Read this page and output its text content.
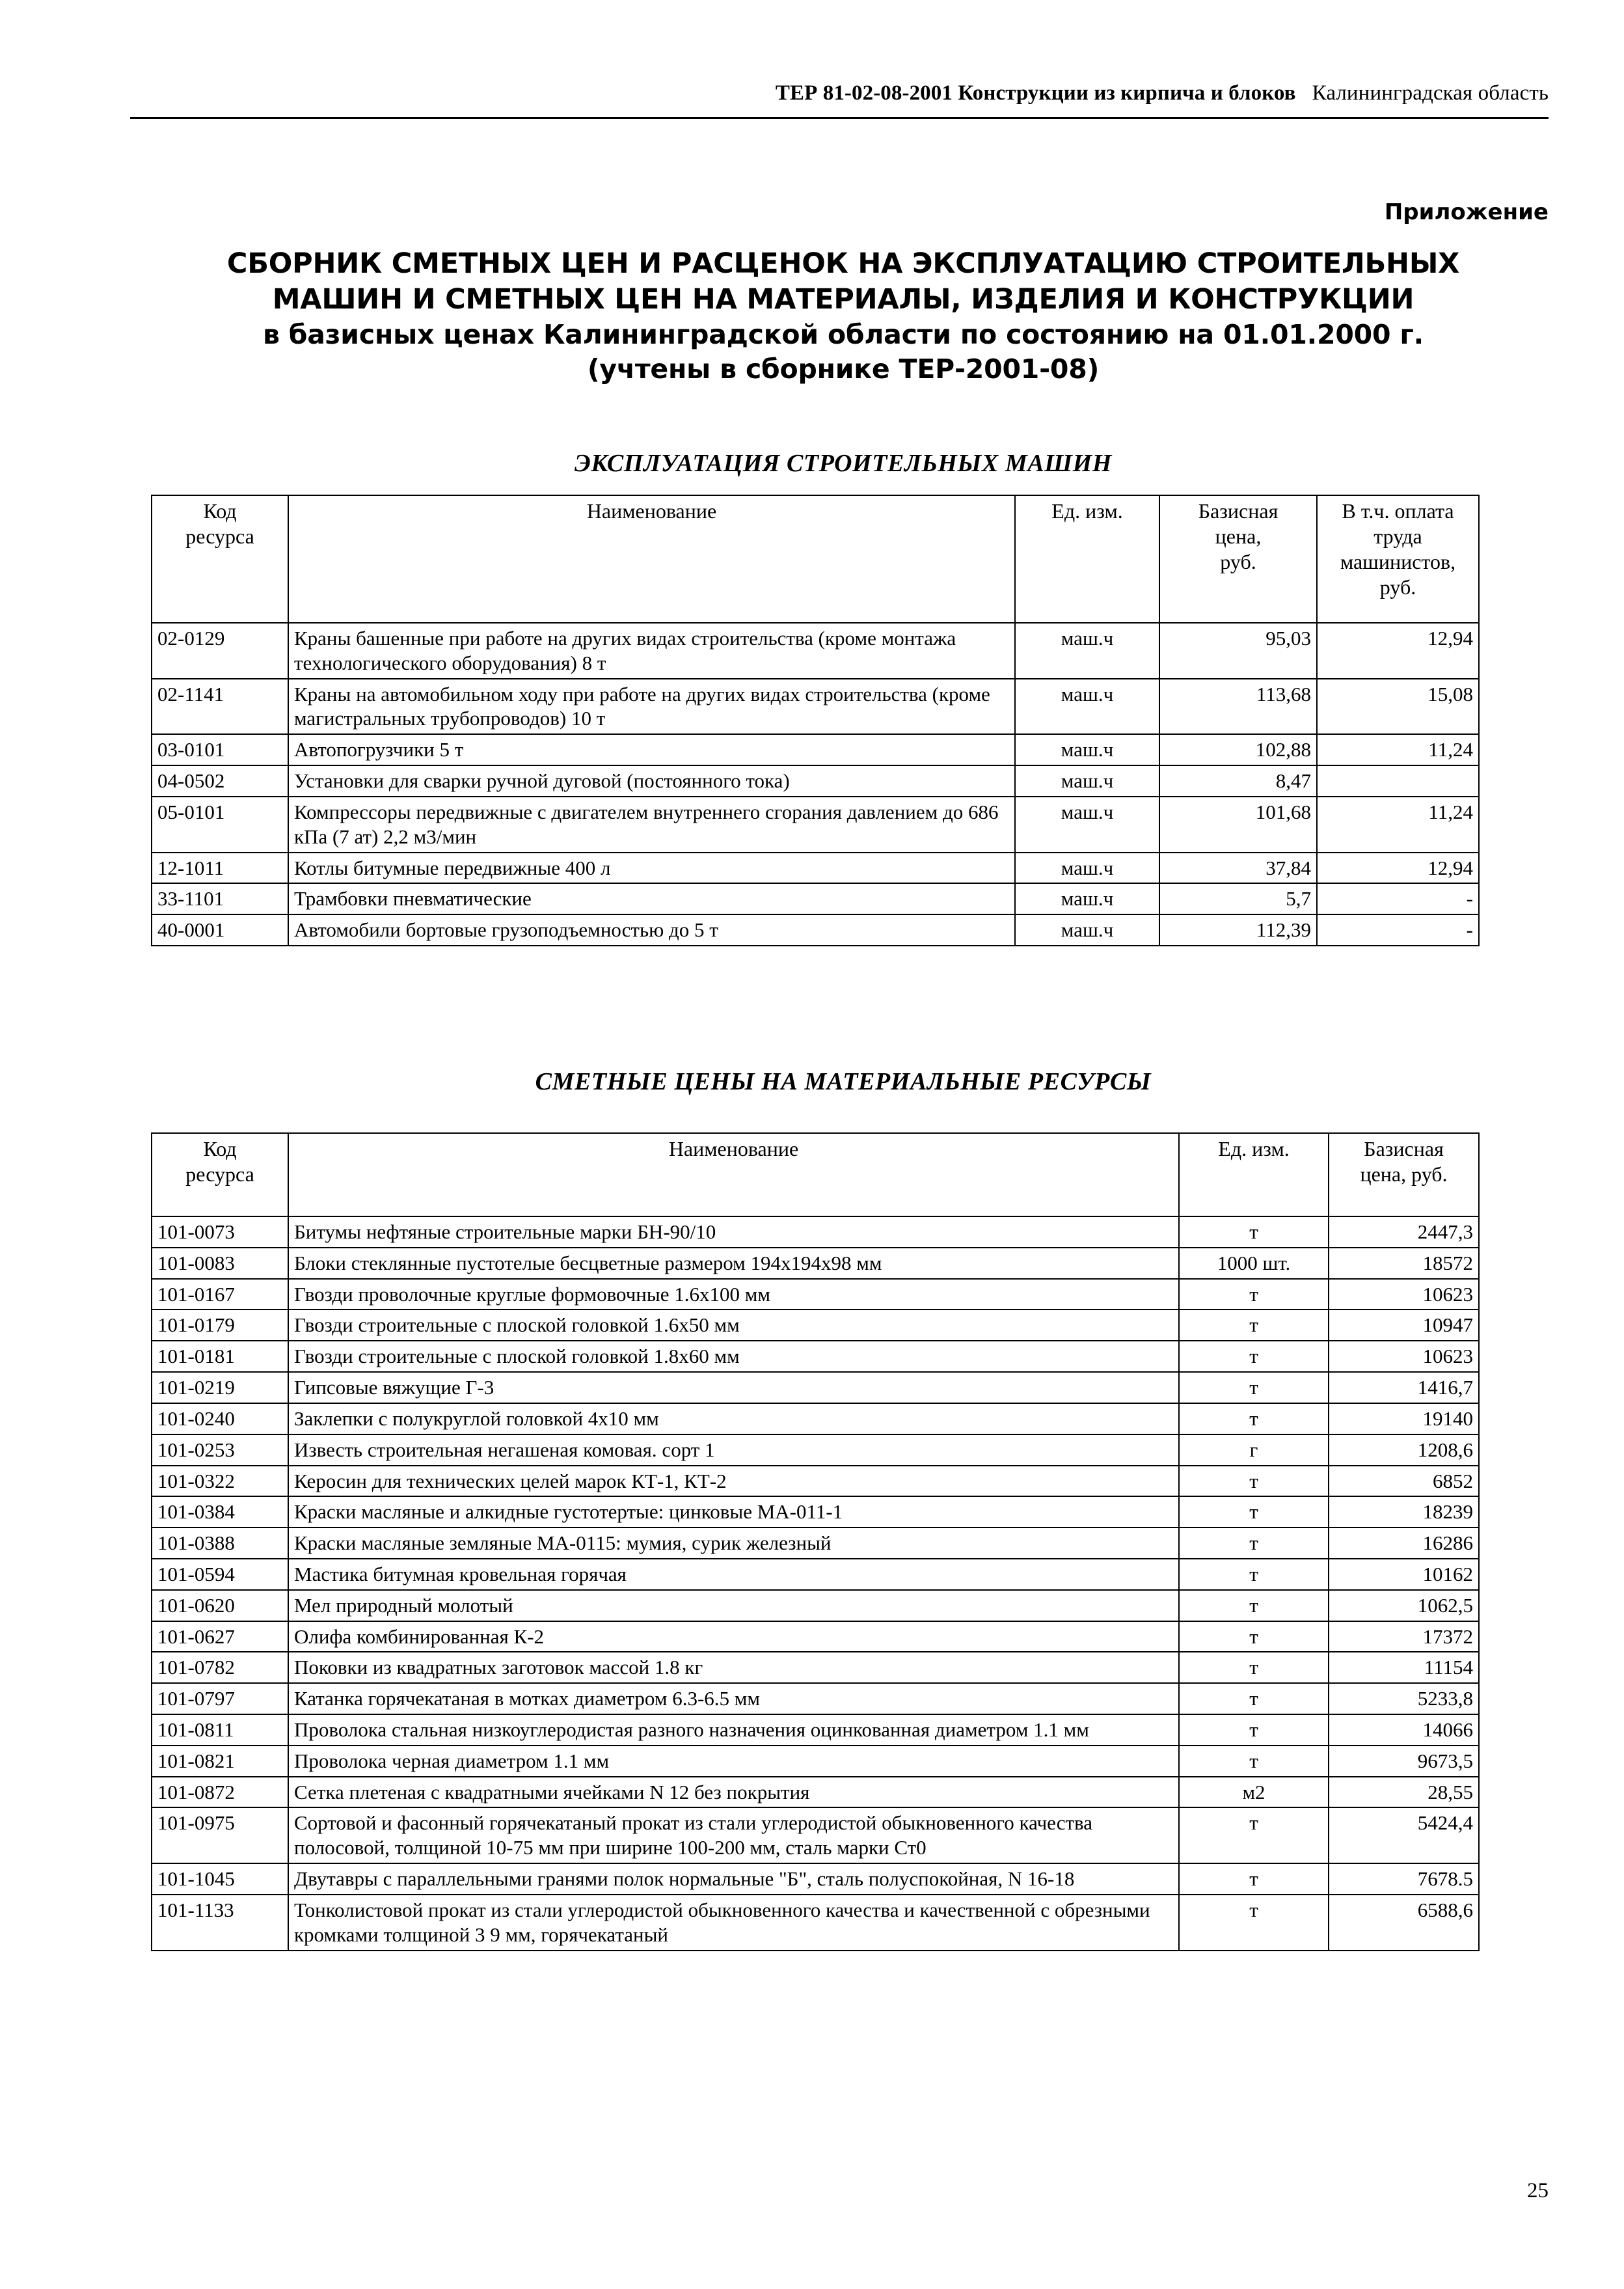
ТЕР 81-02-08-2001 Конструкции из кирпича и блоков Калининградская область
Приложение
СБОРНИК СМЕТНЫХ ЦЕН И РАСЦЕНОК НА ЭКСПЛУАТАЦИЮ СТРОИТЕЛЬНЫХ
МАШИН И СМЕТНЫХ ЦЕН НА МАТЕРИАЛЫ, ИЗДЕЛИЯ И КОНСТРУКЦИИ
в базисных ценах Калининградской области по состоянию на 01.01.2000 г.
(учтены в сборнике ТЕР-2001-08)
ЭКСПЛУАТАЦИЯ СТРОИТЕЛЬНЫХ МАШИН
Код
ресурса	Наименование	Ед. изм.	Базисная
цена,
руб.	В т.ч. оплата
труда
машинистов,
руб.

02-0129	Краны башенные при работе на других видах строительства (кроме монтажа технологического оборудования) 8 т	маш.ч	95,03	12,94
02-1141	Краны на автомобильном ходу при работе на других видах строительства (кроме магистральных трубопроводов) 10 т	маш.ч	113,68	15,08
03-0101	Автопогрузчики 5 т	маш.ч	102,88	11,24
04-0502	Установки для сварки ручной дуговой (постоянного тока)	маш.ч	8,47	
05-0101	Компрессоры передвижные с двигателем внутреннего сгорания давлением до 686 кПа (7 ат) 2,2 м3/мин	маш.ч	101,68	11,24
12-1011	Котлы битумные передвижные 400 л	маш.ч	37,84	12,94
33-1101	Трамбовки пневматические	маш.ч	5,7	-
40-0001	Автомобили бортовые грузоподъемностью до 5 т	маш.ч	112,39	-
СМЕТНЫЕ ЦЕНЫ НА МАТЕРИАЛЬНЫЕ РЕСУРСЫ
Код
ресурса	Наименование	Ед. изм.	Базисная
цена, руб.

101-0073	Битумы нефтяные строительные марки БН-90/10	т	2447,3
101-0083	Блоки стеклянные пустотелые бесцветные размером 194х194х98 мм	1000 шт.	18572
101-0167	Гвозди проволочные круглые формовочные 1.6х100 мм	т	10623
101-0179	Гвозди строительные с плоской головкой 1.6х50 мм	т	10947
101-0181	Гвозди строительные с плоской головкой 1.8х60 мм	т	10623
101-0219	Гипсовые вяжущие Г-3	т	1416,7
101-0240	Заклепки с полукруглой головкой 4х10 мм	т	19140
101-0253	Известь строительная негашеная комовая. сорт 1	г	1208,6
101-0322	Керосин для технических целей марок КТ-1, КТ-2	т	6852
101-0384	Краски масляные и алкидные густотертые: цинковые МА-011-1	т	18239
101-0388	Краски масляные земляные МА-0115: мумия, сурик железный	т	16286
101-0594	Мастика битумная кровельная горячая	т	10162
101-0620	Мел природный молотый	т	1062,5
101-0627	Олифа комбинированная К-2	т	17372
101-0782	Поковки из квадратных заготовок массой 1.8 кг	т	11154
101-0797	Катанка горячекатаная в мотках диаметром 6.3-6.5 мм	т	5233,8
101-0811	Проволока стальная низкоуглеродистая разного назначения оцинкованная диаметром 1.1 мм	т	14066
101-0821	Проволока черная диаметром 1.1 мм	т	9673,5
101-0872	Сетка плетеная с квадратными ячейками N 12 без покрытия	м2	28,55
101-0975	Сортовой и фасонный горячекатаный прокат из стали углеродистой обыкновенного качества полосовой, толщиной 10-75 мм при ширине 100-200 мм, сталь марки Ст0	т	5424,4
101-1045	Двутавры с параллельными гранями полок нормальные "Б", сталь полуспокойная, N 16-18	т	7678.5
101-1133	Тонколистовой прокат из стали углеродистой обыкновенного качества и качественной с обрезными кромками толщиной 3 9 мм, горячекатаный	т	6588,6
25
